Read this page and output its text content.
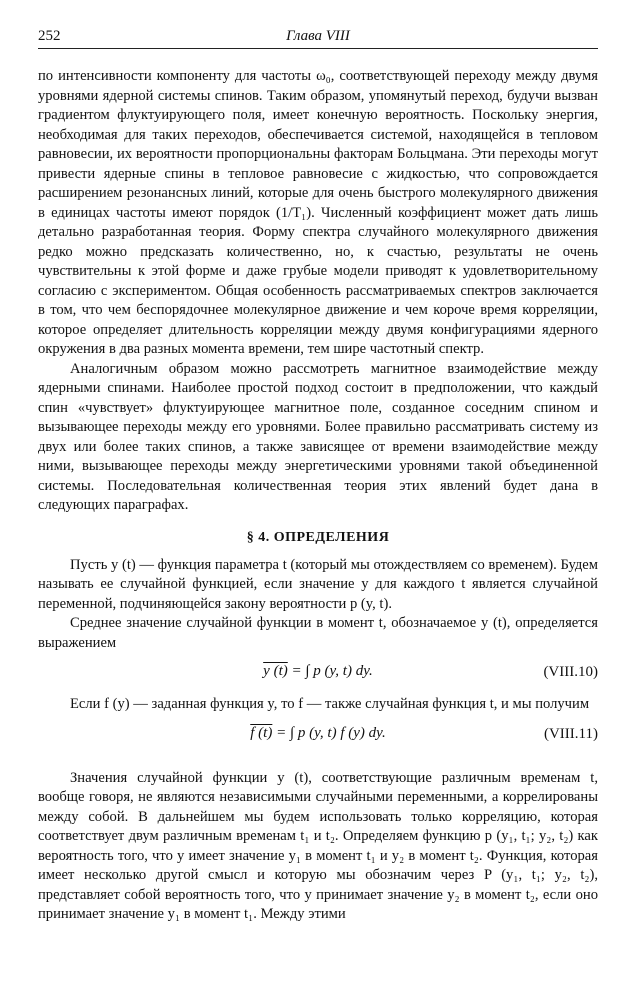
252	Глава VIII

по интенсивности компоненту для частоты ω₀, соответствующей переходу между двумя уровнями ядерной системы спинов. Таким образом, упомянутый переход, будучи вызван градиентом флуктуирующего поля, имеет конечную вероятность. Поскольку энергия, необходимая для таких переходов, обеспечивается системой, находящейся в тепловом равновесии, их вероятности пропорциональны факторам Больцмана. Эти переходы могут привести ядерные спины в тепловое равновесие с жидкостью, что сопровождается расширением резонансных линий, которые для очень быстрого молекулярного движения в единицах частоты имеют порядок (1/T₁). Численный коэффициент может дать лишь детально разработанная теория. Форму спектра случайного молекулярного движения редко можно предсказать количественно, но, к счастью, результаты не очень чувствительны к этой форме и даже грубые модели приводят к удовлетворительному согласию с экспериментом. Общая особенность рассматриваемых спектров заключается в том, что чем беспорядочнее молекулярное движение и чем короче время корреляции, которое определяет длительность корреляции между двумя конфигурациями ядерного окружения в два разных момента времени, тем шире частотный спектр.

Аналогичным образом можно рассмотреть магнитное взаимодействие между ядерными спинами. Наиболее простой подход состоит в предположении, что каждый спин «чувствует» флуктуирующее магнитное поле, созданное соседним спином и вызывающее переходы между его уровнями. Более правильно рассматривать систему из двух или более таких спинов, а также зависящее от времени взаимодействие между ними, вызывающее переходы между энергетическими уровнями такой объединенной системы. Последовательная количественная теория этих явлений будет дана в следующих параграфах.

§ 4. ОПРЕДЕЛЕНИЯ

Пусть y (t) — функция параметра t (который мы отождествляем со временем). Будем называть ее случайной функцией, если значение y для каждого t является случайной переменной, подчиняющейся закону вероятности p (y, t).

Среднее значение случайной функции в момент t, обозначаемое y (t), определяется выражением

y (t) = ∫ p (y, t) dy.	(VIII.10)

Если f (y) — заданная функция y, то f — также случайная функция t, и мы получим

f (t) = ∫ p (y, t) f (y) dy.	(VIII.11)

Значения случайной функции y (t), соответствующие различным временам t, вообще говоря, не являются независимыми случайными переменными, а коррелированы между собой. В дальнейшем мы будем использовать только корреляцию, которая соответствует двум различным временам t₁ и t₂. Определяем функцию p (y₁, t₁; y₂, t₂) как вероятность того, что y имеет значение y₁ в момент t₁ и y₂ в момент t₂. Функция, которая имеет несколько другой смысл и которую мы обозначим через P (y₁, t₁; y₂, t₂), представляет собой вероятность того, что y принимает значение y₂ в момент t₂, если оно принимает значение y₁ в момент t₁. Между этими
